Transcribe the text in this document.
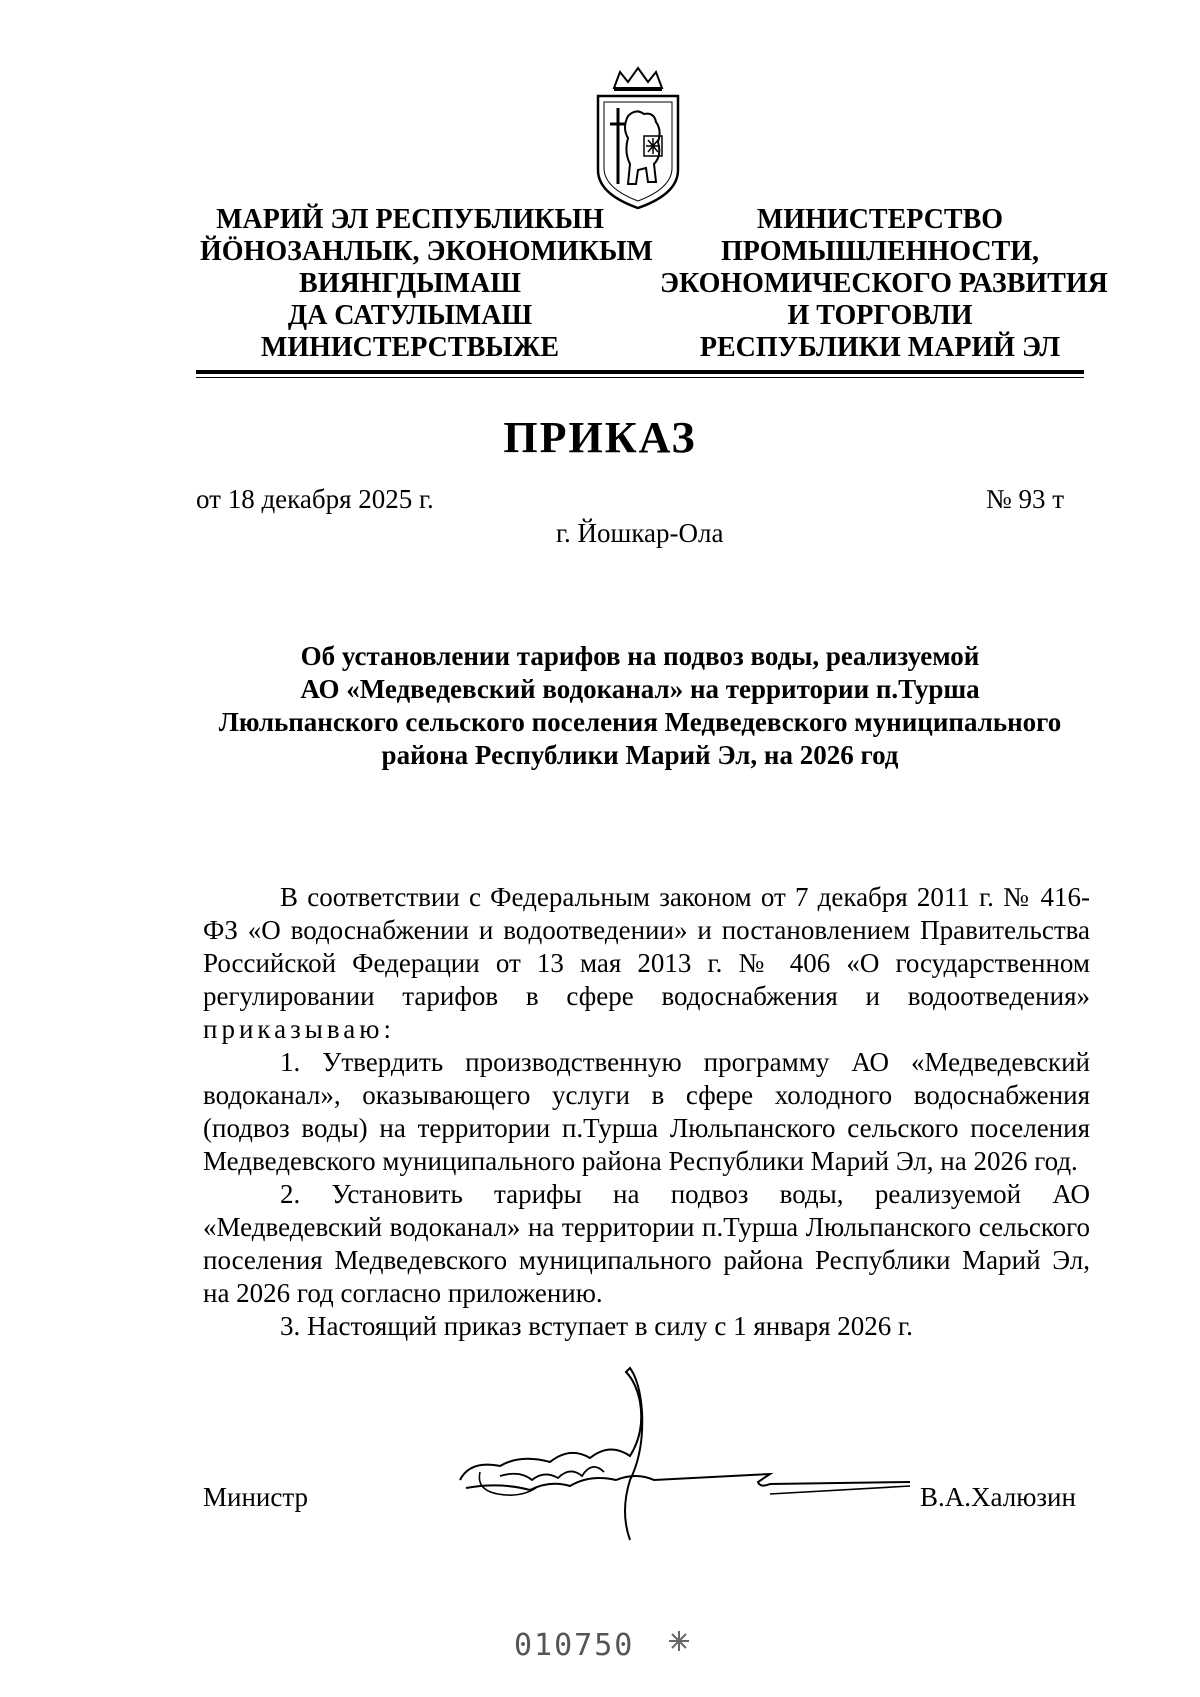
МАРИЙ ЭЛ РЕСПУБЛИКЫН
ЙӦНОЗАНЛЫК, ЭКОНОМИКЫМ
ВИЯНГДЫМАШ
ДА САТУЛЫМАШ
МИНИСТЕРСТВЫЖЕ
МИНИСТЕРСТВО
ПРОМЫШЛЕННОСТИ,
ЭКОНОМИЧЕСКОГО РАЗВИТИЯ
И ТОРГОВЛИ
РЕСПУБЛИКИ МАРИЙ ЭЛ
ПРИКАЗ
от 18 декабря 2025 г.	№ 93 т
г. Йошкар-Ола
Об установлении тарифов на подвоз воды, реализуемой
АО «Медведевский водоканал» на территории п.Турша
Люльпанского сельского поселения Медведевского муниципального
района Республики Марий Эл, на 2026 год

В соответствии с Федеральным законом от 7 декабря 2011 г. № 416-ФЗ «О водоснабжении и водоотведении» и постановлением Правительства Российской Федерации от 13 мая 2013 г. № 406 «О государственном регулировании тарифов в сфере водоснабжения и водоотведения» приказываю:

1. Утвердить производственную программу АО «Медведевский водоканал», оказывающего услуги в сфере холодного водоснабжения (подвоз воды) на территории п.Турша Люльпанского сельского поселения Медведевского муниципального района Республики Марий Эл, на 2026 год.

2. Установить тарифы на подвоз воды, реализуемой АО «Медведевский водоканал» на территории п.Турша Люльпанского сельского поселения Медведевского муниципального района Республики Марий Эл, на 2026 год согласно приложению.

3. Настоящий приказ вступает в силу с 1 января 2026 г.

Министр	В.А.Халюзин
010750
